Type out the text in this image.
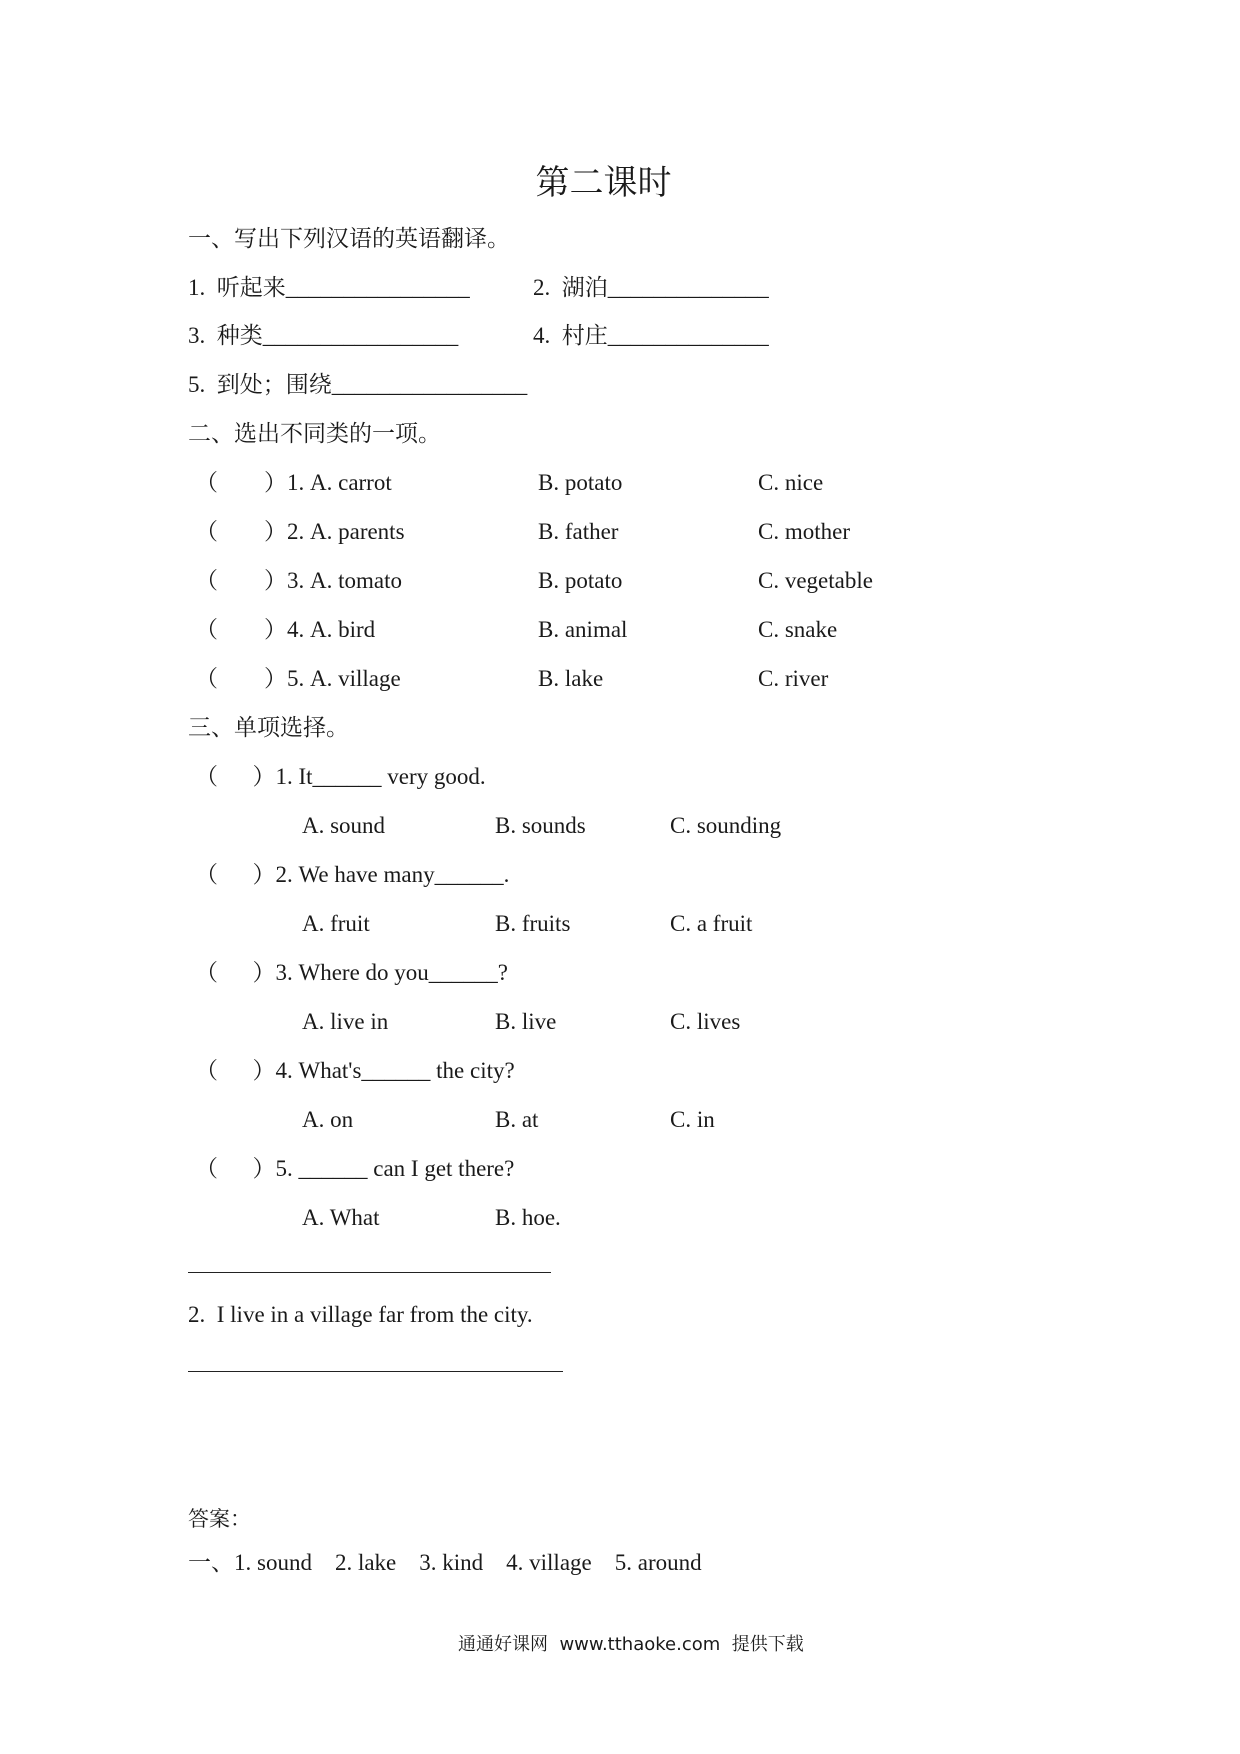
第二课时
一、写出下列汉语的英语翻译。
1.  听起来________________	2.  湖泊______________
3.  种类_________________	4.  村庄______________
5.  到处；围绕_________________
二、选出不同类的一项。
（        ）1. A. carrot	B. potato	C. nice
（        ）2. A. parents	B. father	C. mother
（        ）3. A. tomato	B. potato	C. vegetable
（        ）4. A. bird	B. animal	C. snake
（        ）5. A. village	B. lake	C. river
三、单项选择。
（      ）1. It______ very good.
A. sound	B. sounds	C. sounding
（      ）2. We have many______.
A. fruit	B. fruits	C. a fruit
（      ）3. Where do you______?
A. live in	B. live	C. lives
（      ）4. What's______ the city?
A. on	B. at	C. in
（      ）5. ______ can I get there?
A. What	B. hoe.
2.  I live in a village far from the city.
答案：
一、1. sound    2. lake    3. kind    4. village    5. around
通通好课网  www.tthaoke.com  提供下载
